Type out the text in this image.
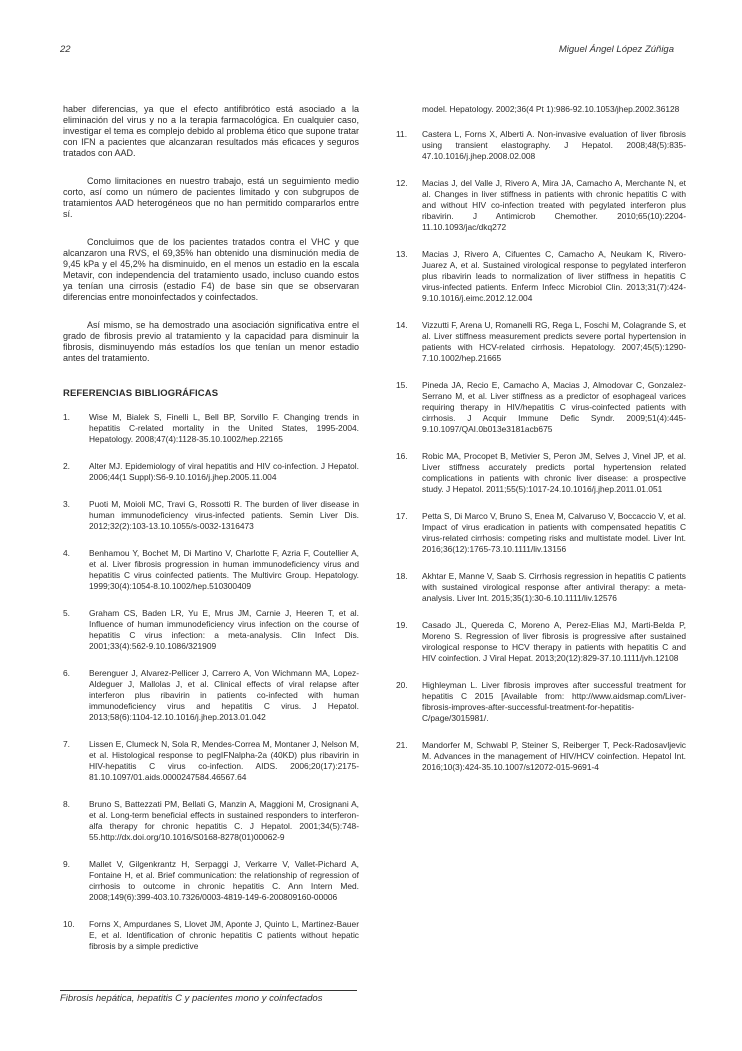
22	Miguel Ángel López Zúñiga

haber diferencias, ya que el efecto antifibrótico está asociado a la eliminación del virus y no a la terapia farmacológica. En cualquier caso, investigar el tema es complejo debido al problema ético que supone tratar con IFN a pacientes que alcanzaran resultados más eficaces y seguros tratados con AAD.

Como limitaciones en nuestro trabajo, está un seguimiento medio corto, así como un número de pacientes limitado y con subgrupos de tratamientos AAD heterogéneos que no han permitido compararlos entre sí.

Concluimos que de los pacientes tratados contra el VHC y que alcanzaron una RVS, el 69,35% han obtenido una disminución media de 9,45 kPa y el 45,2% ha disminuido, en el menos un estadio en la escala Metavir, con independencia del tratamiento usado, incluso cuando estos ya tenían una cirrosis (estadio F4) de base sin que se observaran diferencias entre monoinfectados y coinfectados.

Así mismo, se ha demostrado una asociación significativa entre el grado de fibrosis previo al tratamiento y la capacidad para disminuir la fibrosis, disminuyendo más estadíos los que tenían un menor estadio antes del tratamiento.

REFERENCIAS BIBLIOGRÁFICAS
1.	Wise M, Bialek S, Finelli L, Bell BP, Sorvillo F. Changing trends in hepatitis C-related mortality in the United States, 1995-2004. Hepatology. 2008;47(4):1128-35.10.1002/hep.22165
2.	Alter MJ. Epidemiology of viral hepatitis and HIV co-infection. J Hepatol. 2006;44(1 Suppl):S6-9.10.1016/j.jhep.2005.11.004
3.	Puoti M, Moioli MC, Travi G, Rossotti R. The burden of liver disease in human immunodeficiency virus-infected patients. Semin Liver Dis. 2012;32(2):103-13.10.1055/s-0032-1316473
4.	Benhamou Y, Bochet M, Di Martino V, Charlotte F, Azria F, Coutellier A, et al. Liver fibrosis progression in human immunodeficiency virus and hepatitis C virus coinfected patients. The Multivirc Group. Hepatology. 1999;30(4):1054-8.10.1002/hep.510300409
5.	Graham CS, Baden LR, Yu E, Mrus JM, Carnie J, Heeren T, et al. Influence of human immunodeficiency virus infection on the course of hepatitis C virus infection: a meta-analysis. Clin Infect Dis. 2001;33(4):562-9.10.1086/321909
6.	Berenguer J, Alvarez-Pellicer J, Carrero A, Von Wichmann MA, Lopez-Aldeguer J, Mallolas J, et al. Clinical effects of viral relapse after interferon plus ribavirin in patients co-infected with human immunodeficiency virus and hepatitis C virus. J Hepatol. 2013;58(6):1104-12.10.1016/j.jhep.2013.01.042
7.	Lissen E, Clumeck N, Sola R, Mendes-Correa M, Montaner J, Nelson M, et al. Histological response to pegIFNalpha-2a (40KD) plus ribavirin in HIV-hepatitis C virus co-infection. AIDS. 2006;20(17):2175-81.10.1097/01.aids.0000247584.46567.64
8.	Bruno S, Battezzati PM, Bellati G, Manzin A, Maggioni M, Crosignani A, et al. Long-term beneficial effects in sustained responders to interferon-alfa therapy for chronic hepatitis C. J Hepatol. 2001;34(5):748-55.http://dx.doi.org/10.1016/S0168-8278(01)00062-9
9.	Mallet V, Gilgenkrantz H, Serpaggi J, Verkarre V, Vallet-Pichard A, Fontaine H, et al. Brief communication: the relationship of regression of cirrhosis to outcome in chronic hepatitis C. Ann Intern Med. 2008;149(6):399-403.10.7326/0003-4819-149-6-200809160-00006
10.	Forns X, Ampurdanes S, Llovet JM, Aponte J, Quinto L, Martinez-Bauer E, et al. Identification of chronic hepatitis C patients without hepatic fibrosis by a simple predictive
model. Hepatology. 2002;36(4 Pt 1):986-92.10.1053/jhep.2002.36128
11.	Castera L, Forns X, Alberti A. Non-invasive evaluation of liver fibrosis using transient elastography. J Hepatol. 2008;48(5):835-47.10.1016/j.jhep.2008.02.008
12.	Macias J, del Valle J, Rivero A, Mira JA, Camacho A, Merchante N, et al. Changes in liver stiffness in patients with chronic hepatitis C with and without HIV co-infection treated with pegylated interferon plus ribavirin. J Antimicrob Chemother. 2010;65(10):2204-11.10.1093/jac/dkq272
13.	Macias J, Rivero A, Cifuentes C, Camacho A, Neukam K, Rivero-Juarez A, et al. Sustained virological response to pegylated interferon plus ribavirin leads to normalization of liver stiffness in hepatitis C virus-infected patients. Enferm Infecc Microbiol Clin. 2013;31(7):424-9.10.1016/j.eimc.2012.12.004
14.	Vizzutti F, Arena U, Romanelli RG, Rega L, Foschi M, Colagrande S, et al. Liver stiffness measurement predicts severe portal hypertension in patients with HCV-related cirrhosis. Hepatology. 2007;45(5):1290-7.10.1002/hep.21665
15.	Pineda JA, Recio E, Camacho A, Macias J, Almodovar C, Gonzalez-Serrano M, et al. Liver stiffness as a predictor of esophageal varices requiring therapy in HIV/hepatitis C virus-coinfected patients with cirrhosis. J Acquir Immune Defic Syndr. 2009;51(4):445-9.10.1097/QAI.0b013e3181acb675
16.	Robic MA, Procopet B, Metivier S, Peron JM, Selves J, Vinel JP, et al. Liver stiffness accurately predicts portal hypertension related complications in patients with chronic liver disease: a prospective study. J Hepatol. 2011;55(5):1017-24.10.1016/j.jhep.2011.01.051
17.	Petta S, Di Marco V, Bruno S, Enea M, Calvaruso V, Boccaccio V, et al. Impact of virus eradication in patients with compensated hepatitis C virus-related cirrhosis: competing risks and multistate model. Liver Int. 2016;36(12):1765-73.10.1111/liv.13156
18.	Akhtar E, Manne V, Saab S. Cirrhosis regression in hepatitis C patients with sustained virological response after antiviral therapy: a meta-analysis. Liver Int. 2015;35(1):30-6.10.1111/liv.12576
19.	Casado JL, Quereda C, Moreno A, Perez-Elias MJ, Marti-Belda P, Moreno S. Regression of liver fibrosis is progressive after sustained virological response to HCV therapy in patients with hepatitis C and HIV coinfection. J Viral Hepat. 2013;20(12):829-37.10.1111/jvh.12108
20.	Highleyman L. Liver fibrosis improves after successful treatment for hepatitis C 2015 [Available from: http://www.aidsmap.com/Liver-fibrosis-improves-after-successful-treatment-for-hepatitis-C/page/3015981/.
21.	Mandorfer M, Schwabl P, Steiner S, Reiberger T, Peck-Radosavljevic M. Advances in the management of HIV/HCV coinfection. Hepatol Int. 2016;10(3):424-35.10.1007/s12072-015-9691-4
Fibrosis hepática, hepatitis C y pacientes mono y coinfectados
